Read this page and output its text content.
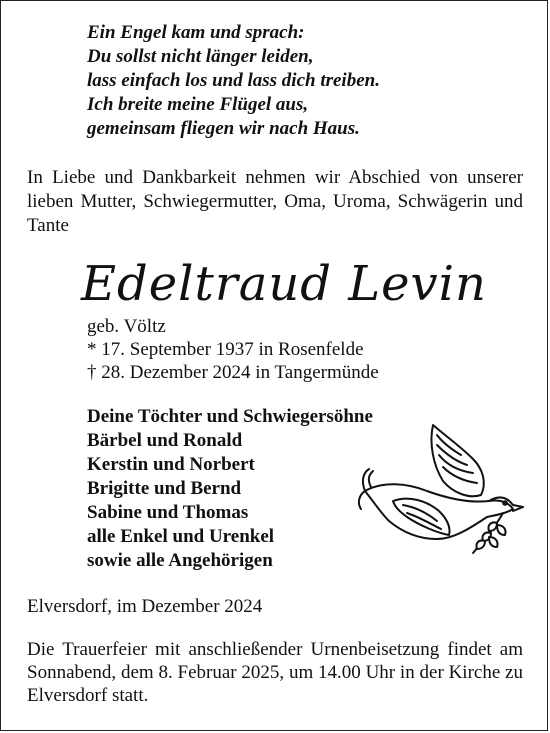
Ein Engel kam und sprach:
Du sollst nicht länger leiden,
lass einfach los und lass dich treiben.
Ich breite meine Flügel aus,
gemeinsam fliegen wir nach Haus.
In Liebe und Dankbarkeit nehmen wir Abschied von unserer lieben Mutter, Schwiegermutter, Oma, Uroma, Schwägerin und Tante
Edeltraud Levin
geb. Völtz
* 17. September 1937 in Rosenfelde
† 28. Dezember 2024 in Tangermünde
Deine Töchter und Schwiegersöhne
Bärbel und Ronald
Kerstin und Norbert
Brigitte und Bernd
Sabine und Thomas
alle Enkel und Urenkel
sowie alle Angehörigen
Elversdorf, im Dezember 2024
Die Trauerfeier mit anschließender Urnenbeisetzung findet am Sonnabend, dem 8. Februar 2025, um 14.00 Uhr in der Kirche zu Elversdorf statt.
